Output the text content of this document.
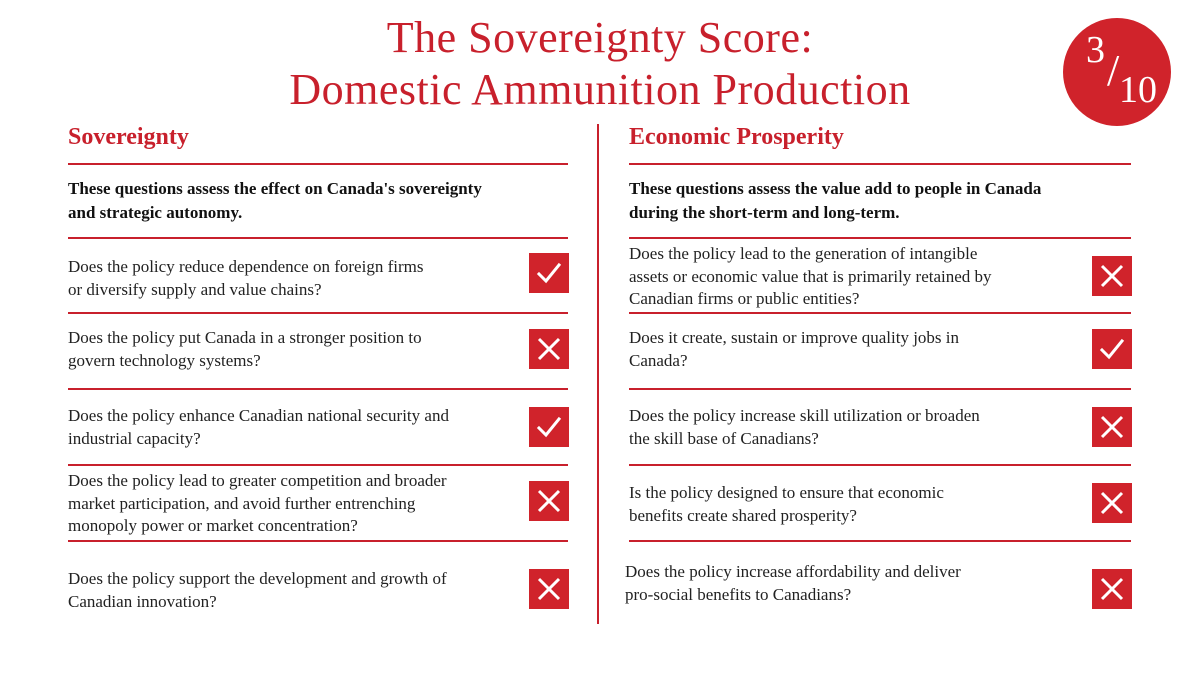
The Sovereignty Score:
Domestic Ammunition Production
3 / 10
Sovereignty
These questions assess the effect on Canada's sovereignty
and strategic autonomy.
Does the policy reduce dependence on foreign firms
or diversify supply and value chains?
Does the policy put Canada in a stronger position to
govern technology systems?
Does the policy enhance Canadian national security and
industrial capacity?
Does the policy lead to greater competition and broader
market participation, and avoid further entrenching
monopoly power or market concentration?
Does the policy support the development and growth of
Canadian innovation?
Economic Prosperity
These questions assess the value add to people in Canada
during the short-term and long-term.
Does the policy lead to the generation of intangible
assets or economic value that is primarily retained by
Canadian firms or public entities?
Does it create, sustain or improve quality jobs in
Canada?
Does the policy increase skill utilization or broaden
the skill base of Canadians?
Is the policy designed to ensure that economic
benefits create shared prosperity?
Does the policy increase affordability and deliver
pro-social benefits to Canadians?
